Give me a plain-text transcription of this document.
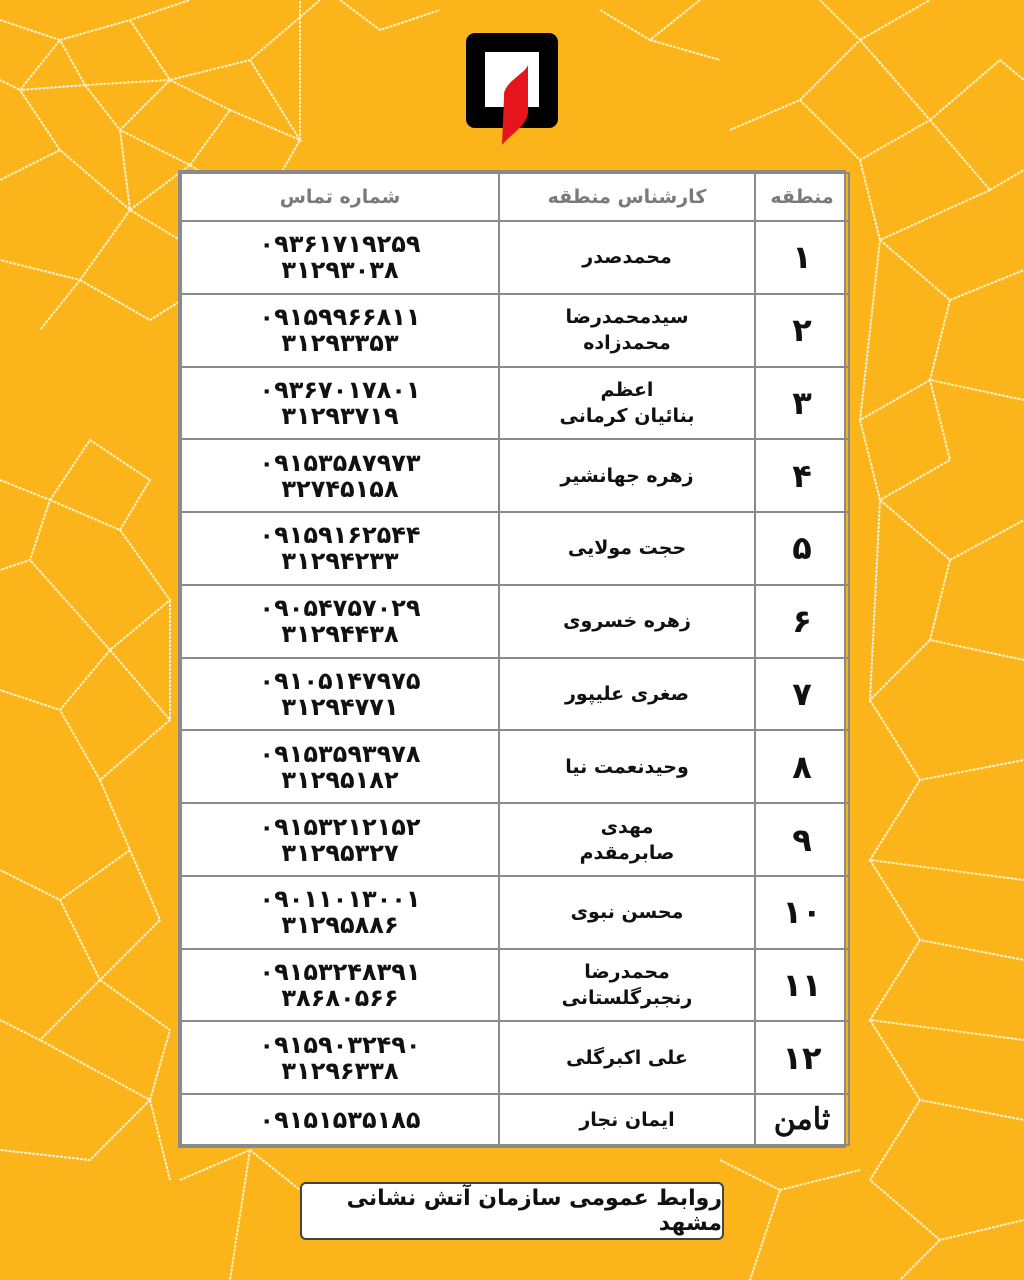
منطقه	کارشناس منطقه	شماره تماس
۱	محمدصدر	۰۹۳۶۱۷۱۹۲۵۹
۳۱۲۹۳۰۳۸

۲	سیدمحمدرضا
محمدزاده	۰۹۱۵۹۹۶۶۸۱۱
۳۱۲۹۳۳۵۳

۳	اعظم
بنائیان کرمانی	۰۹۳۶۷۰۱۷۸۰۱
۳۱۲۹۳۷۱۹

۴	زهره جهانشیر	۰۹۱۵۳۵۸۷۹۷۳
۳۲۷۴۵۱۵۸

۵	حجت مولایی	۰۹۱۵۹۱۶۲۵۴۴
۳۱۲۹۴۲۳۳

۶	زهره خسروی	۰۹۰۵۴۷۵۷۰۲۹
۳۱۲۹۴۴۳۸

۷	صغری علیپور	۰۹۱۰۵۱۴۷۹۷۵
۳۱۲۹۴۷۷۱

۸	وحیدنعمت نیا	۰۹۱۵۳۵۹۳۹۷۸
۳۱۲۹۵۱۸۲

۹	مهدی
صابرمقدم	۰۹۱۵۳۲۱۲۱۵۲
۳۱۲۹۵۳۲۷

۱۰	محسن نبوی	۰۹۰۱۱۰۱۳۰۰۱
۳۱۲۹۵۸۸۶

۱۱	محمدرضا
رنجبرگلستانی	۰۹۱۵۳۲۴۸۳۹۱
۳۸۶۸۰۵۶۶

۱۲	علی اکبرگلی	۰۹۱۵۹۰۳۲۴۹۰
۳۱۲۹۶۳۳۸

ثامن	ایمان نجار	۰۹۱۵۱۵۳۵۱۸۵
روابط عمومی سازمان آتش نشانی مشهد
